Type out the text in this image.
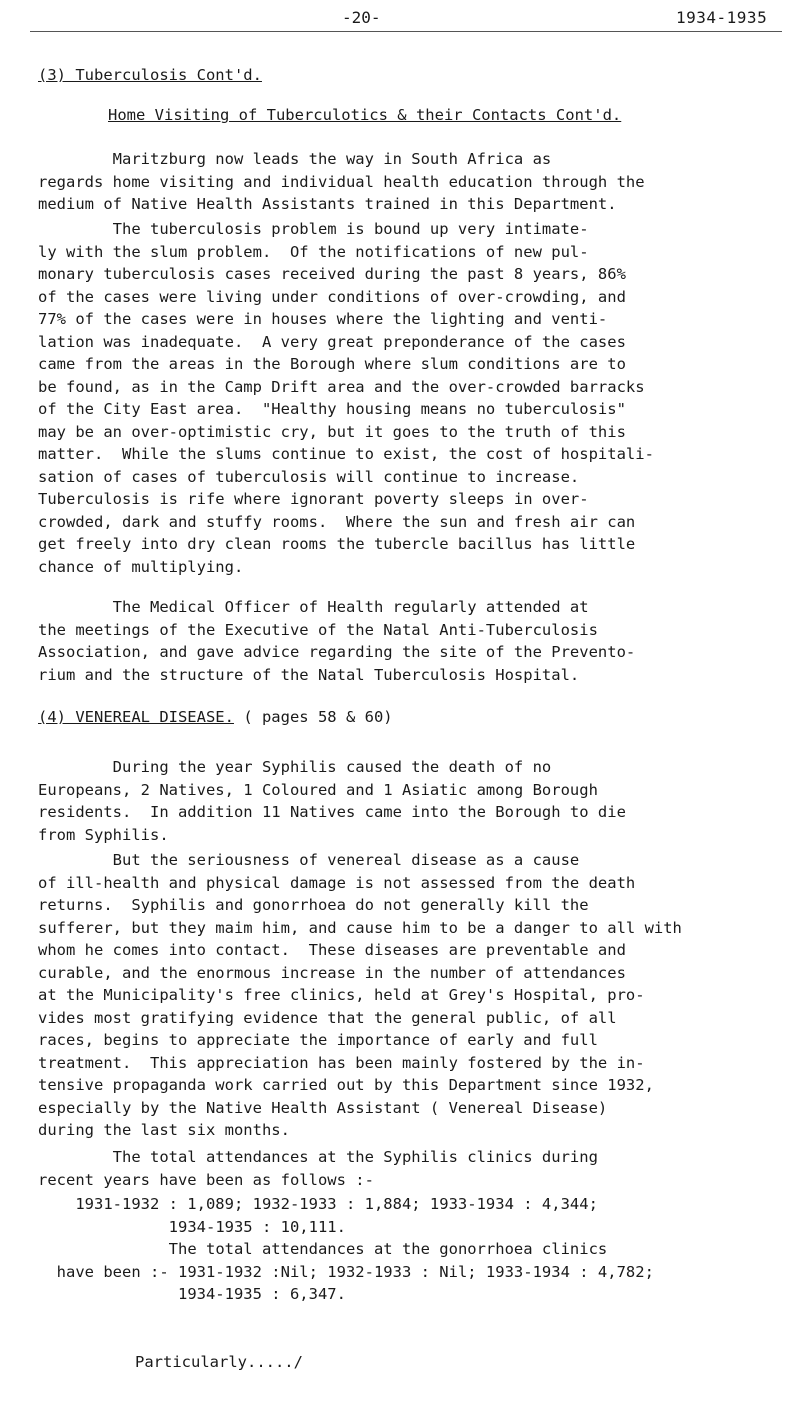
-20-	1934-1935
(3) Tuberculosis Cont'd.
Home Visiting of Tuberculotics & their Contacts Cont'd.
Maritzburg now leads the way in South Africa as
regards home visiting and individual health education through the
medium of Native Health Assistants trained in this Department.
The tuberculosis problem is bound up very intimate-
ly with the slum problem.  Of the notifications of new pul-
monary tuberculosis cases received during the past 8 years, 86%
of the cases were living under conditions of over-crowding, and
77% of the cases were in houses where the lighting and venti-
lation was inadequate.  A very great preponderance of the cases
came from the areas in the Borough where slum conditions are to
be found, as in the Camp Drift area and the over-crowded barracks
of the City East area.  "Healthy housing means no tuberculosis"
may be an over-optimistic cry, but it goes to the truth of this
matter.  While the slums continue to exist, the cost of hospitali-
sation of cases of tuberculosis will continue to increase.
Tuberculosis is rife where ignorant poverty sleeps in over-
crowded, dark and stuffy rooms.  Where the sun and fresh air can
get freely into dry clean rooms the tubercle bacillus has little
chance of multiplying.
The Medical Officer of Health regularly attended at
the meetings of the Executive of the Natal Anti-Tuberculosis
Association, and gave advice regarding the site of the Prevento-
rium and the structure of the Natal Tuberculosis Hospital.
(4) VENEREAL DISEASE. ( pages 58 & 60)
During the year Syphilis caused the death of no
Europeans, 2 Natives, 1 Coloured and 1 Asiatic among Borough
residents.  In addition 11 Natives came into the Borough to die
from Syphilis.
But the seriousness of venereal disease as a cause
of ill-health and physical damage is not assessed from the death
returns.  Syphilis and gonorrhoea do not generally kill the
sufferer, but they maim him, and cause him to be a danger to all with
whom he comes into contact.  These diseases are preventable and
curable, and the enormous increase in the number of attendances
at the Municipality's free clinics, held at Grey's Hospital, pro-
vides most gratifying evidence that the general public, of all
races, begins to appreciate the importance of early and full
treatment.  This appreciation has been mainly fostered by the in-
tensive propaganda work carried out by this Department since 1932,
especially by the Native Health Assistant ( Venereal Disease)
during the last six months.
The total attendances at the Syphilis clinics during
recent years have been as follows :-
1931-1932 : 1,089; 1932-1933 : 1,884; 1933-1934 : 4,344;
1934-1935 : 10,111.
The total attendances at the gonorrhoea clinics
have been :- 1931-1932 :Nil; 1932-1933 : Nil; 1933-1934 : 4,782;
1934-1935 : 6,347.
Particularly...../
